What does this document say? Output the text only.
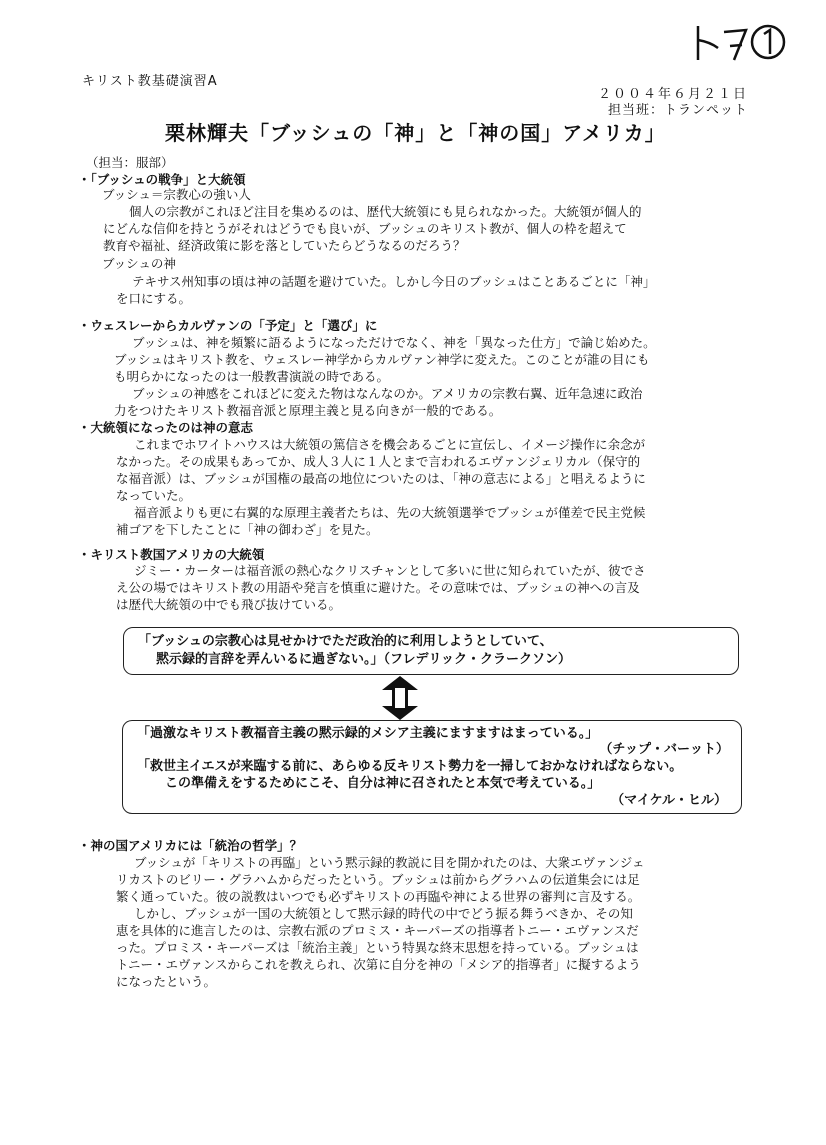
キリスト教基礎演習A
２００４年６月２１日
担当班：トランペット
栗林輝夫「ブッシュの「神」と「神の国」アメリカ」
（担当：服部）
・「ブッシュの戦争」と大統領
ブッシュ＝宗教心の強い人
個人の宗教がこれほど注目を集めるのは、歴代大統領にも見られなかった。大統領が個人的
にどんな信仰を持とうがそれはどうでも良いが、ブッシュのキリスト教が、個人の枠を超えて
教育や福祉、経済政策に影を落としていたらどうなるのだろう？
ブッシュの神
テキサス州知事の頃は神の話題を避けていた。しかし今日のブッシュはことあるごとに「神」
を口にする。
・ウェスレーからカルヴァンの「予定」と「選び」に
ブッシュは、神を頻繁に語るようになっただけでなく、神を「異なった仕方」で論じ始めた。
ブッシュはキリスト教を、ウェスレー神学からカルヴァン神学に変えた。このことが誰の目にも
も明らかになったのは一般教書演説の時である。
ブッシュの神感をこれほどに変えた物はなんなのか。アメリカの宗教右翼、近年急速に政治
力をつけたキリスト教福音派と原理主義と見る向きが一般的である。
・大統領になったのは神の意志
これまでホワイトハウスは大統領の篤信さを機会あるごとに宣伝し、イメージ操作に余念が
なかった。その成果もあってか、成人３人に１人とまで言われるエヴァンジェリカル（保守的
な福音派）は、ブッシュが国権の最高の地位についたのは、「神の意志による」と唱えるように
なっていた。
福音派よりも更に右翼的な原理主義者たちは、先の大統領選挙でブッシュが僅差で民主党候
補ゴアを下したことに「神の御わざ」を見た。
・キリスト教国アメリカの大統領
ジミー・カーターは福音派の熱心なクリスチャンとして多いに世に知られていたが、彼でさ
え公の場ではキリスト教の用語や発言を慎重に避けた。その意味では、ブッシュの神への言及
は歴代大統領の中でも飛び抜けている。
「ブッシュの宗教心は見せかけでただ政治的に利用しようとしていて、
黙示録的言辞を弄んいるに過ぎない。」（フレデリック・クラークソン）
「過激なキリスト教福音主義の黙示録的メシア主義にますますはまっている。」
（チップ・バーット）
「救世主イエスが来臨する前に、あらゆる反キリスト勢力を一掃しておかなければならない。
この準備えをするためにこそ、自分は神に召されたと本気で考えている。」
（マイケル・ヒル）
・神の国アメリカには「統治の哲学」？
ブッシュが「キリストの再臨」という黙示録的教説に目を開かれたのは、大衆エヴァンジェ
リカストのビリー・グラハムからだったという。ブッシュは前からグラハムの伝道集会には足
繁く通っていた。彼の説教はいつでも必ずキリストの再臨や神による世界の審判に言及する。
しかし、ブッシュが一国の大統領として黙示録的時代の中でどう振る舞うべきか、その知
恵を具体的に進言したのは、宗教右派のプロミス・キーパーズの指導者トニー・エヴァンスだ
った。プロミス・キーパーズは「統治主義」という特異な終末思想を持っている。ブッシュは
トニー・エヴァンスからこれを教えられ、次第に自分を神の「メシア的指導者」に擬するよう
になったという。
